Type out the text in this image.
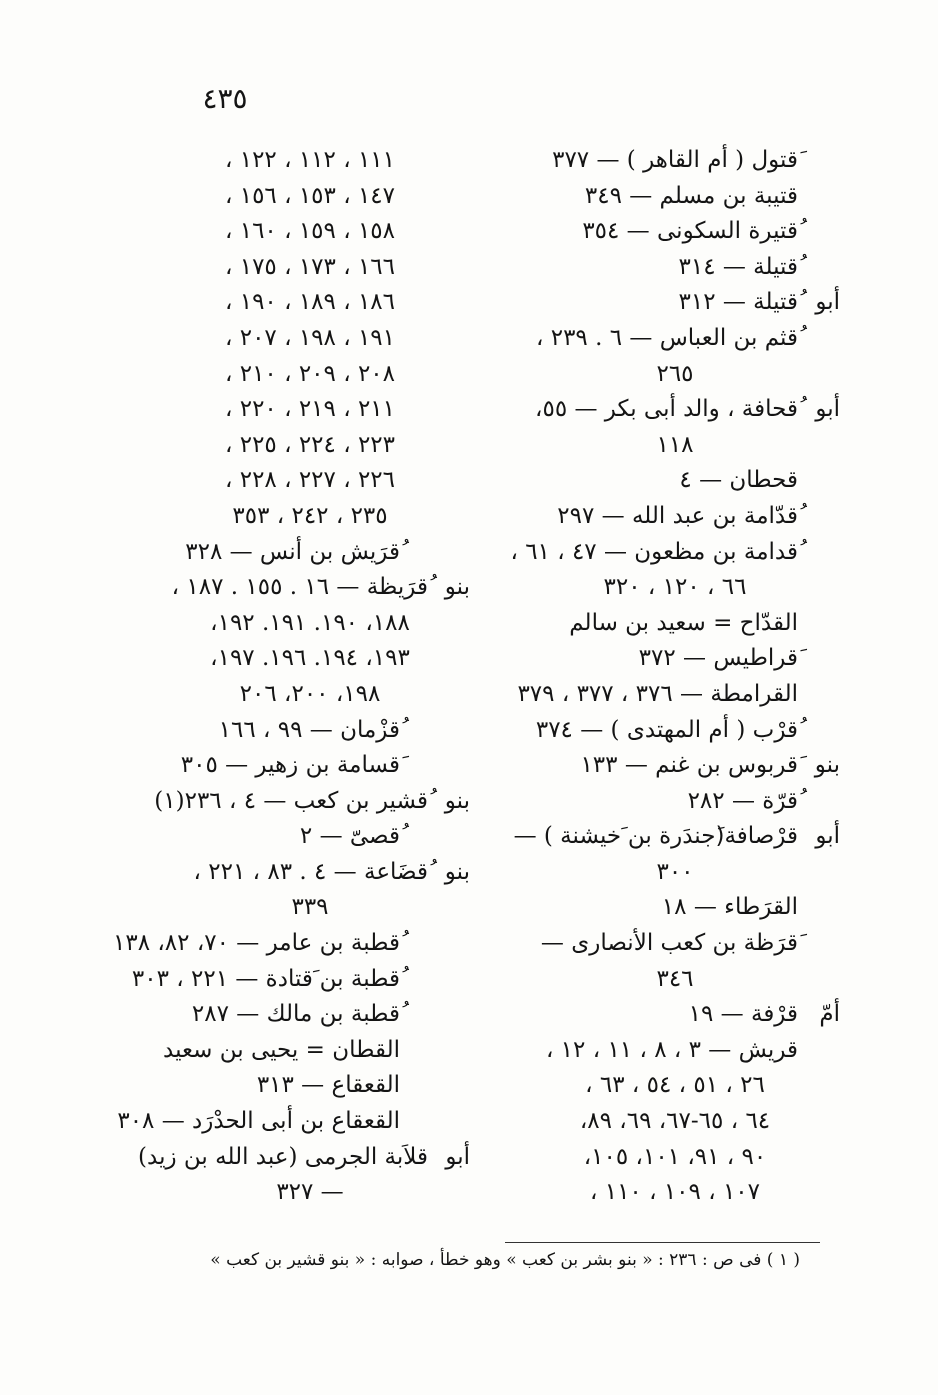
٤٣٥
َقتول ( أم القاهر ) — ٣٧٧
قتيبة بن مسلم — ٣٤٩
ُقتيرة السكونى — ٣٥٤
ُقتيلة — ٣١٤
أبو
ُقتيلة — ٣١٢
ُقثم بن العباس — ٦ . ٢٣٩ ،
٢٦٥
أبو
ُقحافة ، والد أبى بكر — ٥٥،
١١٨
قحطان — ٤
ُقدّامة بن عبد الله — ٢٩٧
ُقدامة بن مظعون — ٤٧ ، ٦١ ،
٦٦ ، ١٢٠ ، ٣٢٠
القدّاح = سعيد بن سالم
َقراطيس — ٣٧٢
القرامطة — ٣٧٦ ، ٣٧٧ ، ٣٧٩
ُقرْب ( أم المهتدى ) — ٣٧٤
بنو
َقربوس بن غنم — ١٣٣
ُقرّة — ٢٨٢
أبو
قرْصافة(َجندَرة بن َخيشنة ) —
٣٠٠
القرَطاء — ١٨
َقرَظة بن كعب الأنصارى —
٣٤٦
أمّ
قرْفة — ١٩
قريش — ٣ ، ٨ ، ١١ ، ١٢ ،
٢٦ ، ٥١ ، ٥٤ ، ٦٣ ،
٦٤ ، ٦٥-٦٧، ٦٩، ٨٩،
٩٠ ، ٩١، ١٠١، ١٠٥،
١٠٧ ، ١٠٩ ، ١١٠ ،
١١١ ، ١١٢ ، ١٢٢ ،
١٤٧ ، ١٥٣ ، ١٥٦ ،
١٥٨ ، ١٥٩ ، ١٦٠ ،
١٦٦ ، ١٧٣ ، ١٧٥ ،
١٨٦ ، ١٨٩ ، ١٩٠ ،
١٩١ ، ١٩٨ ، ٢٠٧ ،
٢٠٨ ، ٢٠٩ ، ٢١٠ ،
٢١١ ، ٢١٩ ، ٢٢٠ ،
٢٢٣ ، ٢٢٤ ، ٢٢٥ ،
٢٢٦ ، ٢٢٧ ، ٢٢٨ ،
٢٣٥ ، ٢٤٢ ، ٣٥٣
ُقرَيش بن أنس — ٣٢٨
بنو
ُقرَيظة — ١٦ . ١٥٥ . ١٨٧ ،
١٨٨، ١٩٠. ١٩١. ١٩٢،
١٩٣، ١٩٤. ١٩٦. ١٩٧،
١٩٨، ٢٠٠، ٢٠٦
ُقزْمان — ٩٩ ، ١٦٦
َقسامة بن زهير — ٣٠٥
بنو
ُقشير بن كعب — ٤ ، ٢٣٦(١)
ُقصىّ — ٢
بنو
ُقضَاعة — ٤ . ٨٣ ، ٢٢١ ،
٣٣٩
ُقطبة بن عامر — ٧٠، ٨٢، ١٣٨
ُقطبة بن َقتادة — ٢٢١ ، ٣٠٣
ُقطبة بن مالك — ٢٨٧
القطان = يحيى بن سعيد
القعقاع — ٣١٣
القعقاع بن أبى الحدْرَد — ٣٠٨
أبو
قلاَبة الجرمى (عبد الله بن زيد)
— ٣٢٧
( ١ ) فى ص : ٢٣٦ : « بنو بشر بن كعب » وهو خطأ ، صوابه : « بنو قشير بن كعب »
